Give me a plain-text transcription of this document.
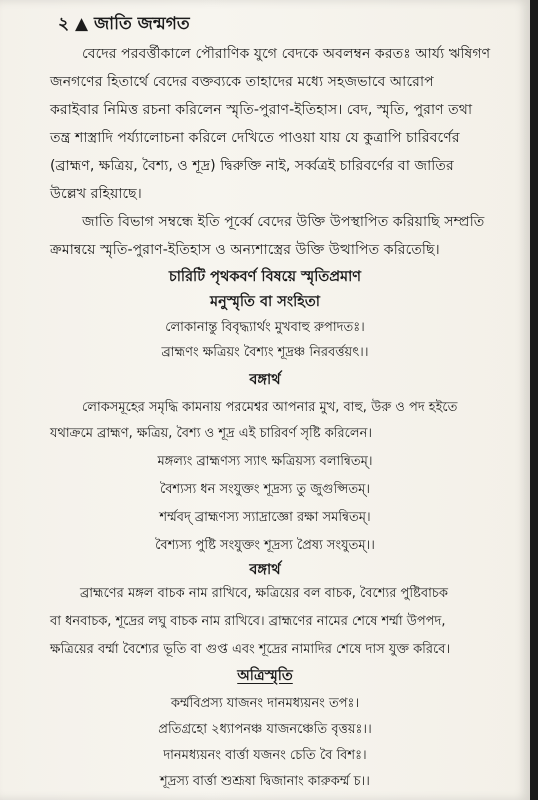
২ ▲ জাতি জন্মগত
বেদের পরবর্ত্তীকালে পৌরাণিক যুগে বেদকে অবলম্বন করতঃ আর্য্য ঋষিগণ
জনগণের হিতার্থে বেদের বক্তব্যকে তাহাদের মধ্যে সহজভাবে আরোপ
করাইবার নিমিত্ত রচনা করিলেন স্মৃতি-পুরাণ-ইতিহাস। বেদ, স্মৃতি, পুরাণ তথা
তন্ত্র শাস্ত্রাদি পর্য্যালোচনা করিলে দেখিতে পাওয়া যায় যে কুত্রাপি চারিবর্ণের
(ব্রাহ্মণ, ক্ষত্রিয়, বৈশ্য, ও শূদ্র) দ্বিরুক্তি নাই, সর্ব্বত্রই চারিবর্ণের বা জাতির
উল্লেখ রহিয়াছে।
জাতি বিভাগ সম্বন্ধে ইতি পূর্ব্বে বেদের উক্তি উপস্থাপিত করিয়াছি সম্প্রতি
ক্রমান্বয়ে স্মৃতি-পুরাণ-ইতিহাস ও অন্যশাস্ত্রের উক্তি উত্থাপিত করিতেছি।
চারিটি পৃথকবর্ণ বিষয়ে স্মৃতিপ্রমাণ
মনুস্মৃতি বা সংহিতা
লোকানান্তু বিবৃদ্ধ্যার্থং মুখবাহু রুপাদতঃ।
ব্রাহ্মণং ক্ষত্রিয়ং বৈশ্যং শূদ্রঞ্চ নিরবর্ত্তয়ৎ।।
বঙ্গার্থ
লোকসমূহের সমৃদ্ধি কামনায় পরমেশ্বর আপনার মুখ, বাহু, উরু ও পদ হইতে
যথাক্রমে ব্রাহ্মণ, ক্ষত্রিয়, বৈশ্য ও শূদ্র এই চারিবর্ণ সৃষ্টি করিলেন।
মঙ্গল্যং ব্রাহ্মণস্য স্যাৎ ক্ষত্রিয়স্য বলান্বিতম্।
বৈশ্যস্য ধন সংযুক্তং শূদ্রস্য তু জুগুপ্সিতম্।
শর্ম্মবদ্ ব্রাহ্মণস্য স্যাদ্রাজ্ঞো রক্ষা সমন্বিতম্।
বৈশ্যস্য পুষ্টি সংযুক্তং শূদ্রস্য প্রৈষ্য সংযুতম্।।
বঙ্গার্থ
ব্রাহ্মণের মঙ্গল বাচক নাম রাখিবে, ক্ষত্রিয়ের বল বাচক, বৈশ্যের পুষ্টিবাচক
বা ধনবাচক, শূদ্রের লঘু বাচক নাম রাখিবে। ব্রাহ্মণের নামের শেষে শর্ম্মা উপপদ,
ক্ষত্রিয়ের বর্ম্মা বৈশ্যের ভূতি বা গুপ্ত এবং শূদ্রের নামাদির শেষে দাস যুক্ত করিবে।
অত্রিস্মৃতি
কর্ম্মবিপ্রস্য যাজনং দানমধ্যয়নং তপঃ।
প্রতিগ্রহো ২ধ্যাপনঞ্চ যাজনঞ্চেতি বৃত্তয়ঃ।।
দানমধ্যয়নং বার্ত্তা যজনং চেতি বৈ বিশঃ।
শূদ্রস্য বার্ত্তা শুশ্রূষা দ্বিজানাং কারুকর্ম্ম চ।।
